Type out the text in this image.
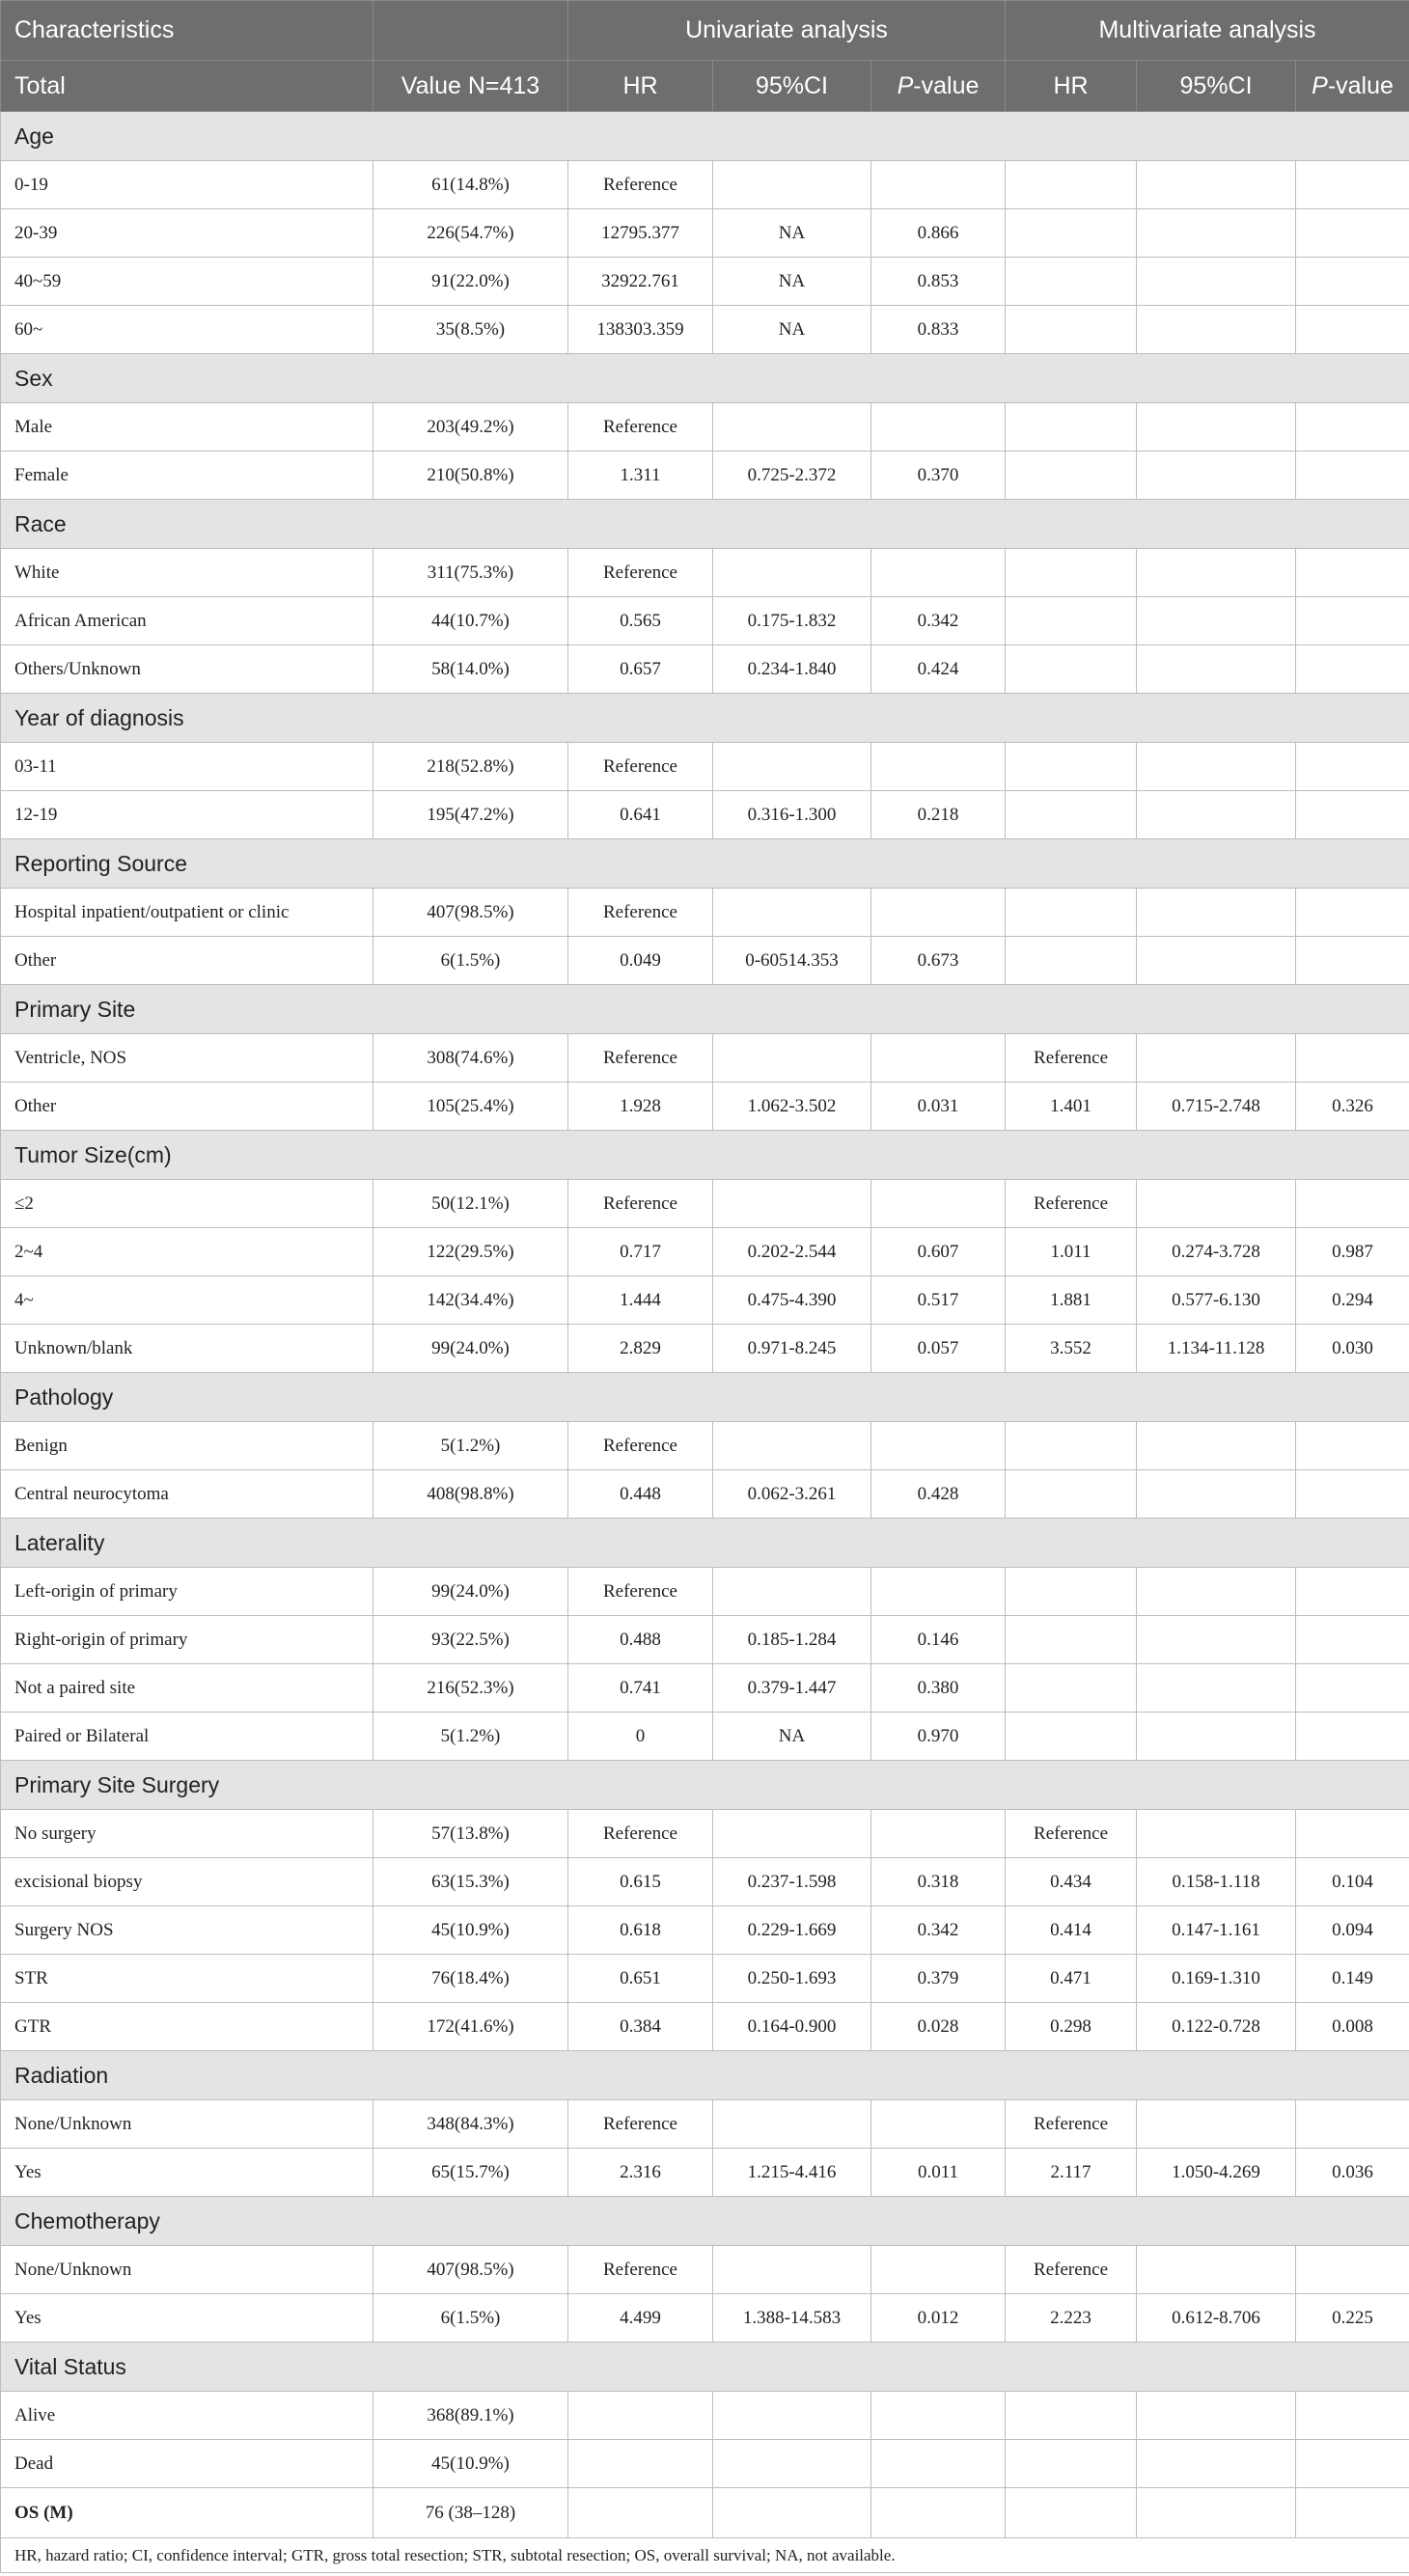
Characteristics		Univariate analysis			Multivariate analysis		
Total	Value N=413	HR	95%CI	P-value	HR	95%CI	P-value
Age							
0-19	61(14.8%)	Reference					
20-39	226(54.7%)	12795.377	NA	0.866			
40~59	91(22.0%)	32922.761	NA	0.853			
60~	35(8.5%)	138303.359	NA	0.833			
Sex							
Male	203(49.2%)	Reference					
Female	210(50.8%)	1.311	0.725-2.372	0.370			
Race							
White	311(75.3%)	Reference					
African American	44(10.7%)	0.565	0.175-1.832	0.342			
Others/Unknown	58(14.0%)	0.657	0.234-1.840	0.424			
Year of diagnosis							
03-11	218(52.8%)	Reference					
12-19	195(47.2%)	0.641	0.316-1.300	0.218			
Reporting Source							
Hospital inpatient/outpatient or clinic	407(98.5%)	Reference					
Other	6(1.5%)	0.049	0-60514.353	0.673			
Primary Site							
Ventricle, NOS	308(74.6%)	Reference			Reference		
Other	105(25.4%)	1.928	1.062-3.502	0.031	1.401	0.715-2.748	0.326
Tumor Size(cm)							
≤2	50(12.1%)	Reference			Reference		
2~4	122(29.5%)	0.717	0.202-2.544	0.607	1.011	0.274-3.728	0.987
4~	142(34.4%)	1.444	0.475-4.390	0.517	1.881	0.577-6.130	0.294
Unknown/blank	99(24.0%)	2.829	0.971-8.245	0.057	3.552	1.134-11.128	0.030
Pathology							
Benign	5(1.2%)	Reference					
Central neurocytoma	408(98.8%)	0.448	0.062-3.261	0.428			
Laterality							
Left-origin of primary	99(24.0%)	Reference					
Right-origin of primary	93(22.5%)	0.488	0.185-1.284	0.146			
Not a paired site	216(52.3%)	0.741	0.379-1.447	0.380			
Paired or Bilateral	5(1.2%)	0	NA	0.970			
Primary Site Surgery							
No surgery	57(13.8%)	Reference			Reference		
excisional biopsy	63(15.3%)	0.615	0.237-1.598	0.318	0.434	0.158-1.118	0.104
Surgery NOS	45(10.9%)	0.618	0.229-1.669	0.342	0.414	0.147-1.161	0.094
STR	76(18.4%)	0.651	0.250-1.693	0.379	0.471	0.169-1.310	0.149
GTR	172(41.6%)	0.384	0.164-0.900	0.028	0.298	0.122-0.728	0.008
Radiation							
None/Unknown	348(84.3%)	Reference			Reference		
Yes	65(15.7%)	2.316	1.215-4.416	0.011	2.117	1.050-4.269	0.036
Chemotherapy							
None/Unknown	407(98.5%)	Reference			Reference		
Yes	6(1.5%)	4.499	1.388-14.583	0.012	2.223	0.612-8.706	0.225
Vital Status							
Alive	368(89.1%)						
Dead	45(10.9%)						
OS (M)	76 (38–128)						
HR, hazard ratio; CI, confidence interval; GTR, gross total resection; STR, subtotal resection; OS, overall survival; NA, not available.							
